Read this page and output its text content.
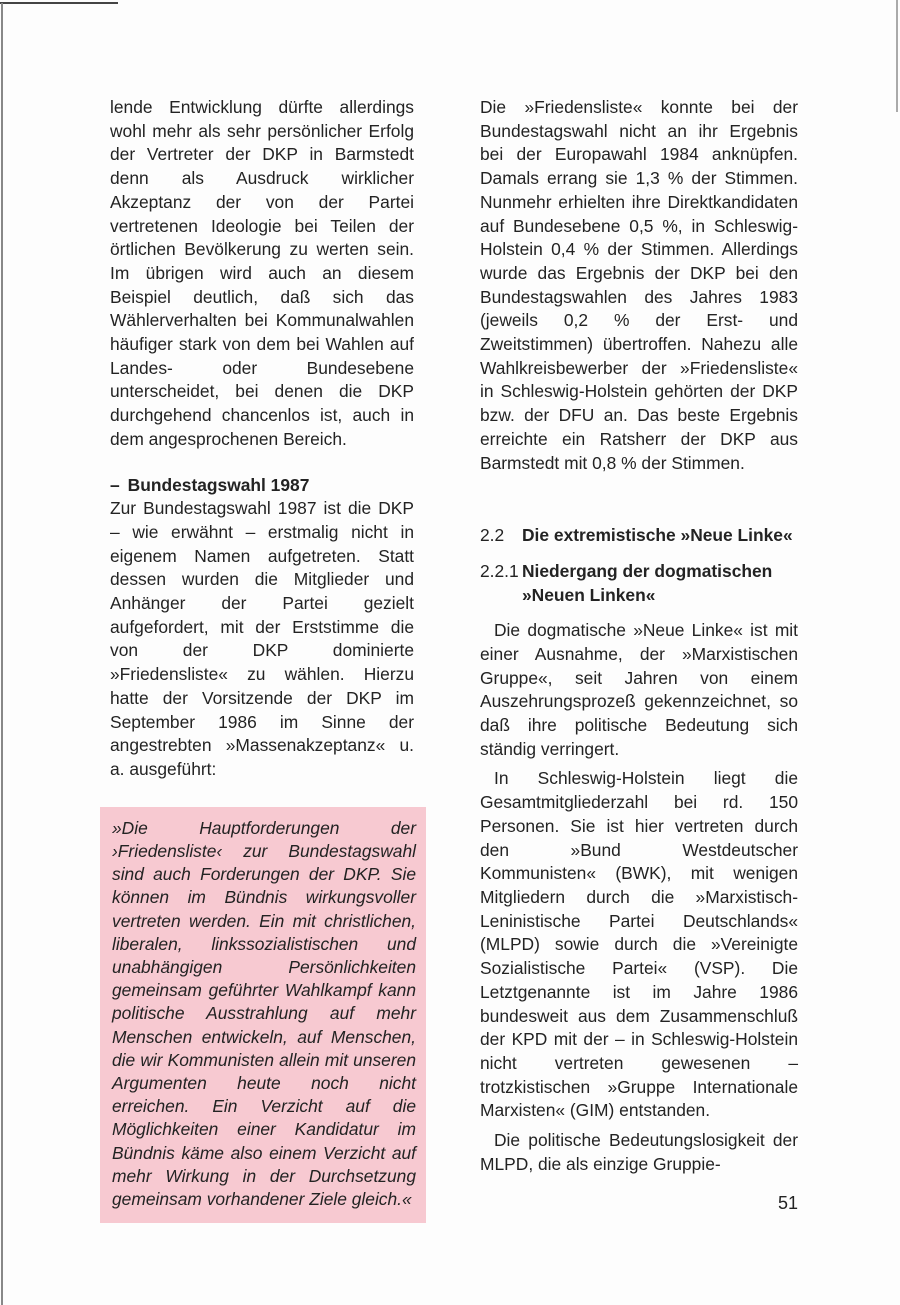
lende Entwicklung dürfte allerdings wohl mehr als sehr persönlicher Erfolg der Vertreter der DKP in Barmstedt denn als Ausdruck wirklicher Akzeptanz der von der Partei vertretenen Ideologie bei Teilen der örtlichen Bevölkerung zu werten sein. Im übrigen wird auch an diesem Beispiel deutlich, daß sich das Wählerverhalten bei Kommunalwahlen häufiger stark von dem bei Wahlen auf Landes- oder Bundesebene unterscheidet, bei denen die DKP durchgehend chancenlos ist, auch in dem angesprochenen Bereich.

– Bundestagswahl 1987

Zur Bundestagswahl 1987 ist die DKP – wie erwähnt – erstmalig nicht in eigenem Namen aufgetreten. Statt dessen wurden die Mitglieder und Anhänger der Partei gezielt aufgefordert, mit der Erststimme die von der DKP dominierte »Friedensliste« zu wählen. Hierzu hatte der Vorsitzende der DKP im September 1986 im Sinne der angestrebten »Massenakzeptanz« u. a. ausgeführt:

»Die Hauptforderungen der ›Friedensliste‹ zur Bundestagswahl sind auch Forderungen der DKP. Sie können im Bündnis wirkungsvoller vertreten werden. Ein mit christlichen, liberalen, linkssozialistischen und unabhängigen Persönlichkeiten gemeinsam geführter Wahlkampf kann politische Ausstrahlung auf mehr Menschen entwickeln, auf Menschen, die wir Kommunisten allein mit unseren Argumenten heute noch nicht erreichen. Ein Verzicht auf die Möglichkeiten einer Kandidatur im Bündnis käme also einem Verzicht auf mehr Wirkung in der Durchsetzung gemeinsam vorhandener Ziele gleich.«

Die »Friedensliste« konnte bei der Bundestagswahl nicht an ihr Ergebnis bei der Europawahl 1984 anknüpfen. Damals errang sie 1,3 % der Stimmen. Nunmehr erhielten ihre Direktkandidaten auf Bundesebene 0,5 %, in Schleswig-Holstein 0,4 % der Stimmen. Allerdings wurde das Ergebnis der DKP bei den Bundestagswahlen des Jahres 1983 (jeweils 0,2 % der Erst- und Zweitstimmen) übertroffen. Nahezu alle Wahlkreisbewerber der »Friedensliste« in Schleswig-Holstein gehörten der DKP bzw. der DFU an. Das beste Ergebnis erreichte ein Ratsherr der DKP aus Barmstedt mit 0,8 % der Stimmen.

2.2	Die extremistische »Neue Linke«
2.2.1 Niedergang der dogmatischen »Neuen Linken«

Die dogmatische »Neue Linke« ist mit einer Ausnahme, der »Marxistischen Gruppe«, seit Jahren von einem Auszehrungsprozeß gekennzeichnet, so daß ihre politische Bedeutung sich ständig verringert.

In Schleswig-Holstein liegt die Gesamtmitgliederzahl bei rd. 150 Personen. Sie ist hier vertreten durch den »Bund Westdeutscher Kommunisten« (BWK), mit wenigen Mitgliedern durch die »Marxistisch-Leninistische Partei Deutschlands« (MLPD) sowie durch die »Vereinigte Sozialistische Partei« (VSP). Die Letztgenannte ist im Jahre 1986 bundesweit aus dem Zusammenschluß der KPD mit der – in Schleswig-Holstein nicht vertreten gewesenen – trotzkistischen »Gruppe Internationale Marxisten« (GIM) entstanden.

Die politische Bedeutungslosigkeit der MLPD, die als einzige Gruppie-

51
